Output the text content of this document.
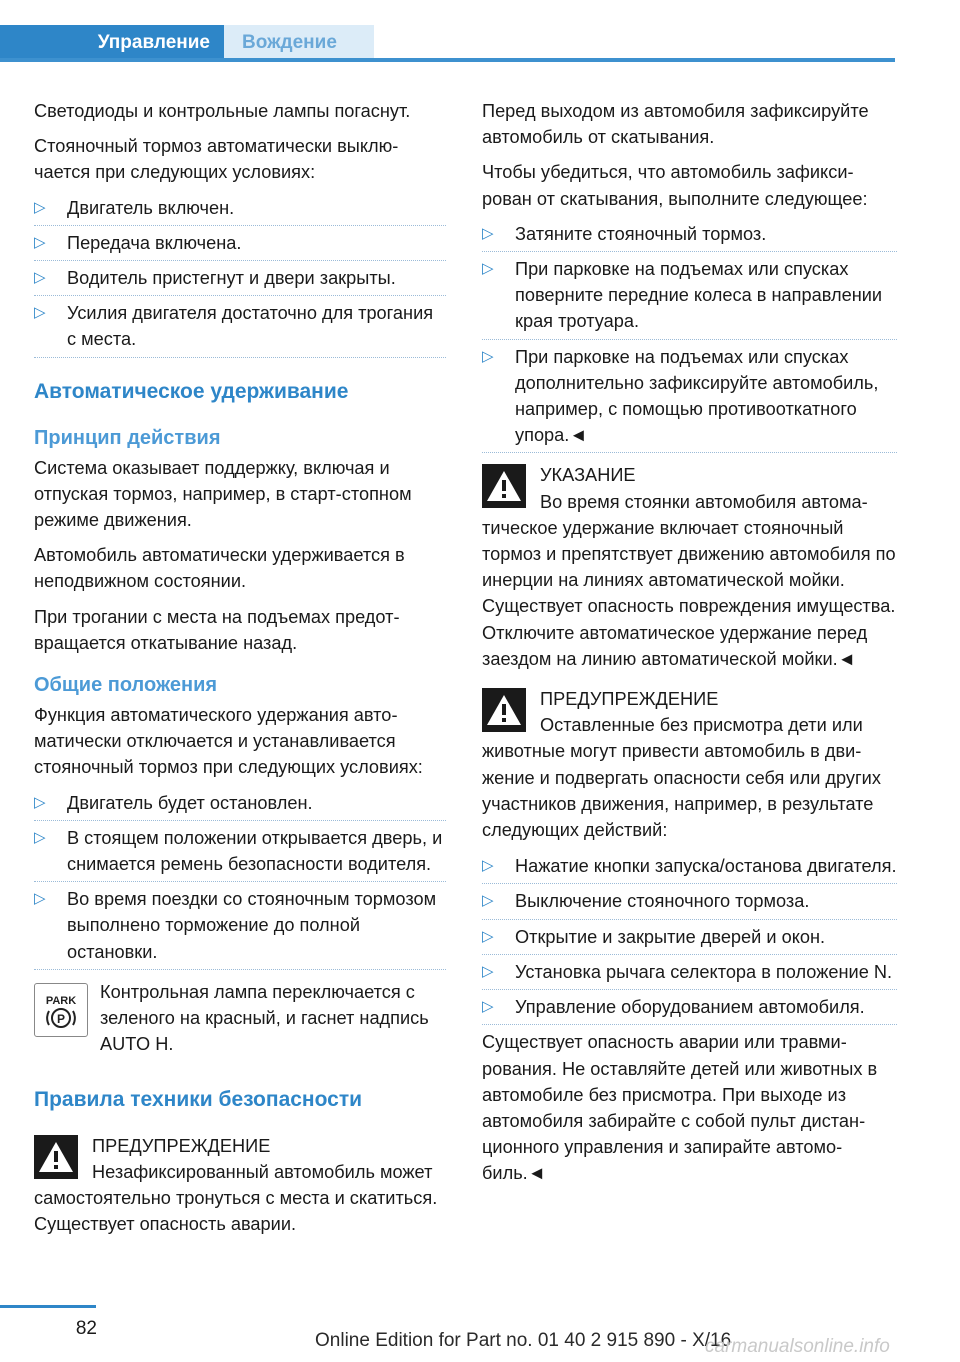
Управление	Вождение

Светодиоды и контрольные лампы погаснут.

Стояночный тормоз автоматически выключается при следующих условиях:

▷ Двигатель включен.
▷ Передача включена.
▷ Водитель пристегнут и двери закрыты.
▷ Усилия двигателя достаточно для трогания с места.
Автоматическое удерживание
Принцип действия

Система оказывает поддержку, включая и отпуская тормоз, например, в старт-стопном режиме движения.

Автомобиль автоматически удерживается в неподвижном состоянии.

При трогании с места на подъемах предотвращается откатывание назад.

Общие положения

Функция автоматического удержания автоматически отключается и устанавливается стояночный тормоз при следующих условиях:

▷ Двигатель будет остановлен.
▷ В стоящем положении открывается дверь, и снимается ремень безопасности водителя.
▷ Во время поездки со стояночным тормозом выполнено торможение до полной остановки.
PARK
P
Контрольная лампа переключается с зеленого на красный, и гаснет надпись AUTO H.
Правила техники безопасности
ПРЕДУПРЕЖДЕНИЕ
Незафиксированный автомобиль может самостоятельно тронуться с места и скатиться. Существует опасность аварии.

Перед выходом из автомобиля зафиксируйте автомобиль от скатывания.

Чтобы убедиться, что автомобиль зафиксирован от скатывания, выполните следующее:

▷ Затяните стояночный тормоз.
▷ При парковке на подъемах или спусках поверните передние колеса в направлении края тротуара.
▷ При парковке на подъемах или спусках дополнительно зафиксируйте автомобиль, например, с помощью противооткатного упора.◄
УКАЗАНИЕ
Во время стоянки автомобиля автоматическое удержание включает стояночный тормоз и препятствует движению автомобиля по инерции на линиях автоматической мойки. Существует опасность повреждения имущества. Отключите автоматическое удержание перед заездом на линию автоматической мойки.◄
ПРЕДУПРЕЖДЕНИЕ
Оставленные без присмотра дети или животные могут привести автомобиль в движение и подвергать опасности себя или других участников движения, например, в результате следующих действий:
▷ Нажатие кнопки запуска/останова двигателя.
▷ Выключение стояночного тормоза.
▷ Открытие и закрытие дверей и окон.
▷ Установка рычага селектора в положение N.
▷ Управление оборудованием автомобиля.

Существует опасность аварии или травмирования. Не оставляйте детей или животных в автомобиле без присмотра. При выходе из автомобиля забирайте с собой пульт дистанционного управления и запирайте автомобиль.◄

82
Online Edition for Part no. 01 40 2 915 890 - X/16
carmanualsonline.info
